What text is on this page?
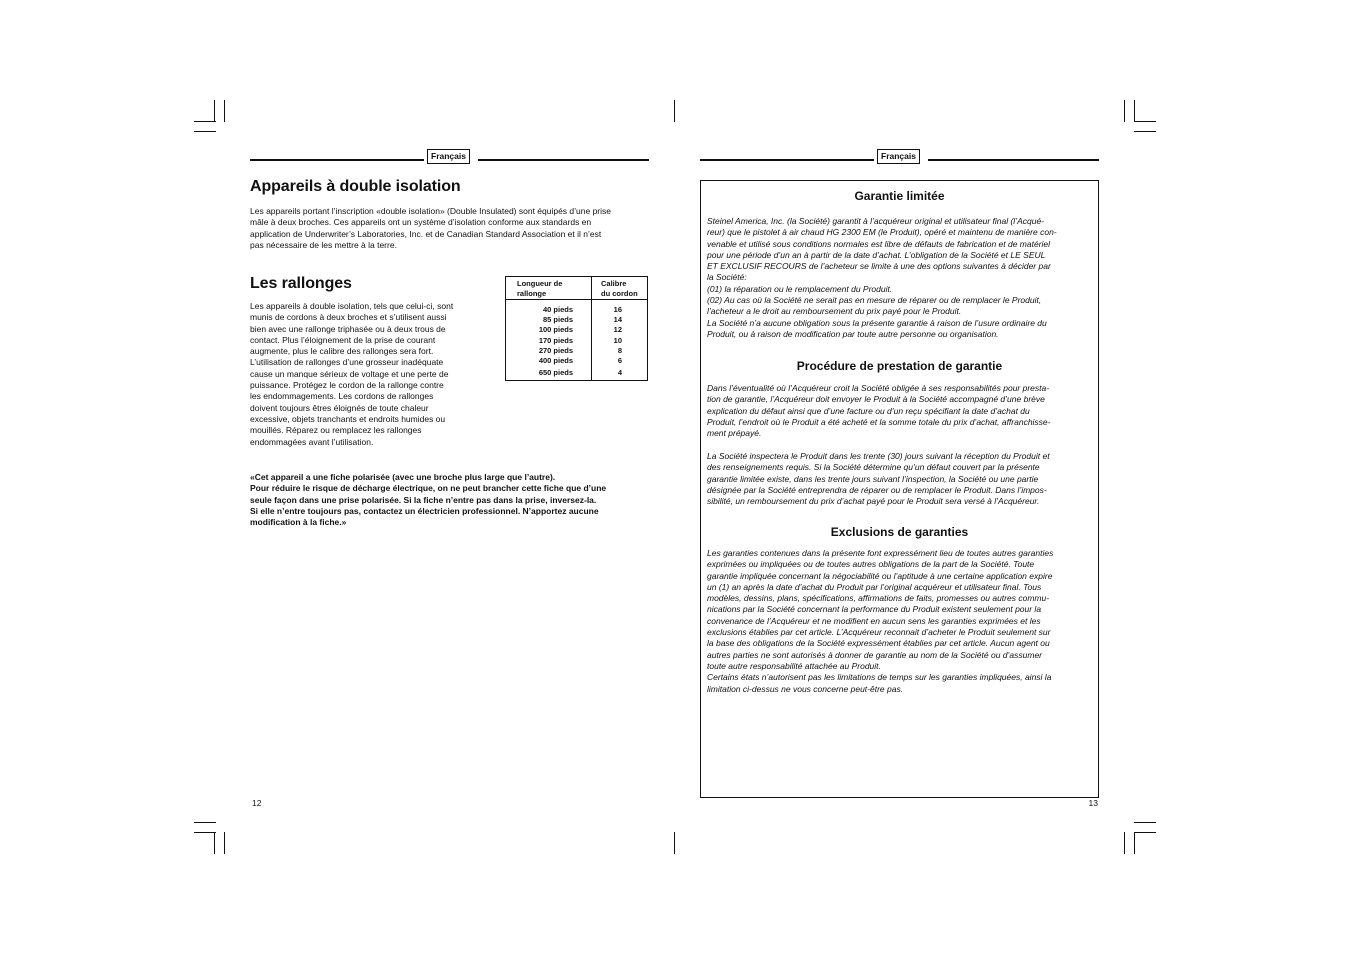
Français
Appareils à double isolation

Les appareils portant l’inscription «double isolation» (Double Insulated) sont équipés d’une prise
mâle à deux broches. Ces appareils ont un système d’isolation conforme aux standards en
application de Underwriter’s Laboratories, Inc. et de Canadian Standard Association et il n’est
pas nécessaire de les mettre à la terre.

Les rallonges

Les appareils à double isolation, tels que celui-ci, sont
munis de cordons à deux broches et s’utilisent aussi
bien avec une rallonge triphasée ou à deux trous de
contact. Plus l’éloignement de la prise de courant
augmente, plus le calibre des rallonges sera fort.
L’utilisation de rallonges d’une grosseur inadéquate
cause un manque sérieux de voltage et une perte de
puissance. Protégez le cordon de la rallonge contre
les endommagements. Les cordons de rallonges
doivent toujours êtres éloignés de toute chaleur
excessive, objets tranchants et endroits humides ou
mouillés. Réparez ou remplacez les rallonges
endommagées avant l’utilisation.

Longueur de
rallonge
Calibre
du cordon
40 pieds
85 pieds
100 pieds
170 pieds
270 pieds
400 pieds
650 pieds
16
14
12
10
8
6
4

«Cet appareil a une fiche polarisée (avec une broche plus large que l’autre).
Pour réduire le risque de décharge électrique, on ne peut brancher cette fiche que d’une
seule façon dans une prise polarisée. Si la fiche n’entre pas dans la prise, inversez-la.
Si elle n’entre toujours pas, contactez un électricien professionnel. N’apportez aucune
modification à la fiche.»

12
Français
Garantie limitée

Steinel America, Inc. (la Société) garantit à l’acquéreur original et utilisateur final (l’Acqué-
reur) que le pistolet à air chaud HG 2300 EM (le Produit), opéré et maintenu de manière con-
venable et utilisé sous conditions normales est libre de défauts de fabrication et de matériel
pour une période d’un an à partir de la date d’achat. L’obligation de la Société et LE SEUL
ET EXCLUSIF RECOURS de l’acheteur se limite à une des options suivantes à décider par
la Société:
(01) la réparation ou le remplacement du Produit.
(02) Au cas où la Société ne serait pas en mesure de réparer ou de remplacer le Produit,
l’acheteur a le droit au remboursement du prix payé pour le Produit.
La Société n’a aucune obligation sous la présente garantie à raison de l’usure ordinaire du
Produit, ou à raison de modification par toute autre personne ou organisation.

Procédure de prestation de garantie

Dans l’éventualité où l’Acquéreur croit la Société obligée à ses responsabilités pour presta-
tion de garantie, l’Acquéreur doit envoyer le Produit à la Société accompagné d’une brève
explication du défaut ainsi que d’une facture ou d’un reçu spécifiant la date d’achat du
Produit, l’endroit où le Produit a été acheté et la somme totale du prix d’achat, affranchisse-
ment prépayé.

La Société inspectera le Produit dans les trente (30) jours suivant la réception du Produit et
des renseignements requis. Si la Société détermine qu’un défaut couvert par la présente
garantie limitée existe, dans les trente jours suivant l’inspection, la Société ou une partie
désignée par la Société entreprendra de réparer ou de remplacer le Produit. Dans l’impos-
sibilité, un remboursement du prix d’achat payé pour le Produit sera versé à l’Acquéreur.

Exclusions de garanties

Les garanties contenues dans la présente font expressément lieu de toutes autres garanties
exprimées ou impliquées ou de toutes autres obligations de la part de la Société. Toute
garantie impliquée concernant la négociabilité ou l’aptitude à une certaine application expire
un (1) an après la date d’achat du Produit par l’original acquéreur et utilisateur final. Tous
modèles, dessins, plans, spécifications, affirmations de faits, promesses ou autres commu-
nications par la Société concernant la performance du Produit existent seulement pour la
convenance de l’Acquéreur et ne modifient en aucun sens les garanties exprimées et les
exclusions établies par cet article. L’Acquéreur reconnait d’acheter le Produit seulement sur
la base des obligations de la Société expressément établies par cet article. Aucun agent ou
autres parties ne sont autorisés à donner de garantie au nom de la Société ou d’assumer
toute autre responsabilité attachée au Produit.
Certains états n’autorisent pas les limitations de temps sur les garanties impliquées, ainsi la
limitation ci-dessus ne vous concerne peut-être pas.

13
